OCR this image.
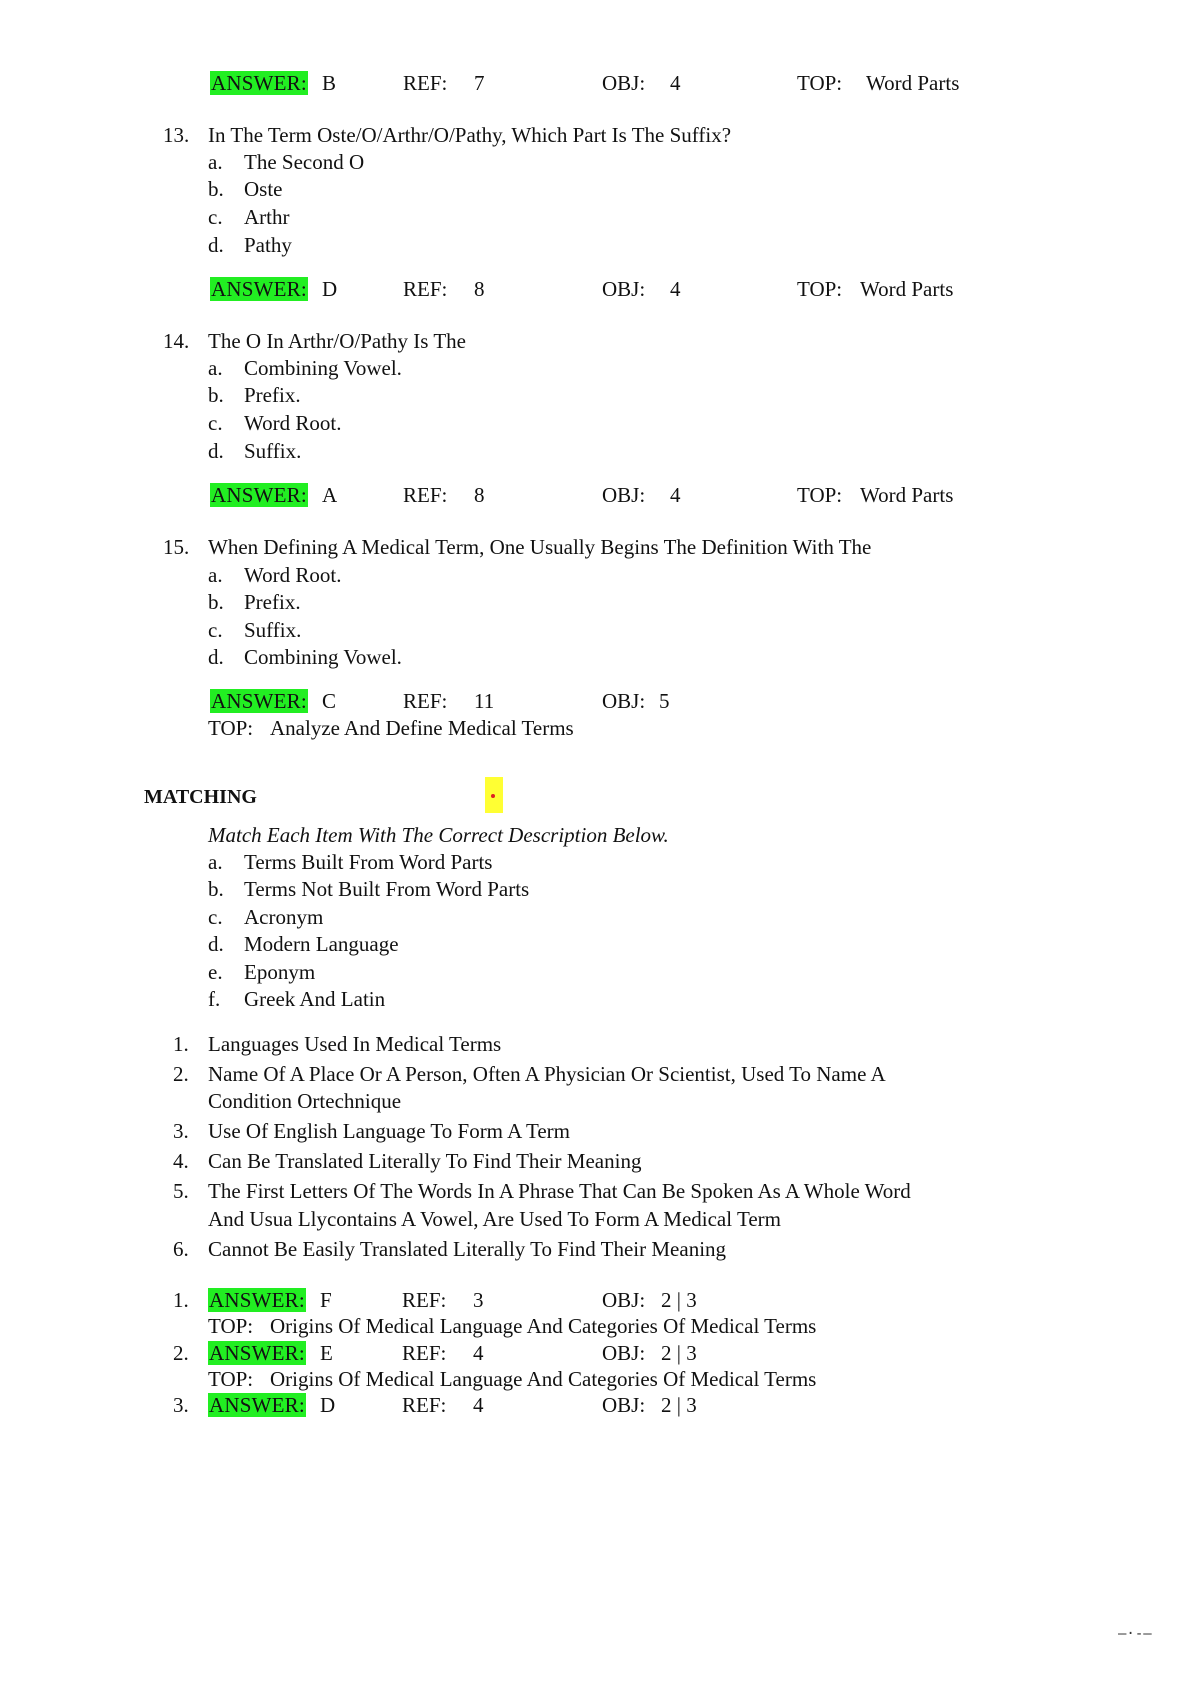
ANSWER: B	REF: 7	OBJ: 4	TOP: Word Parts
13. In The Term Oste/O/Arthr/O/Pathy, Which Part Is The Suffix?
a. The Second O
b. Oste
c. Arthr
d. Pathy
ANSWER: D	REF: 8	OBJ: 4	TOP: Word Parts
14. The O In Arthr/O/Pathy Is The
a. Combining Vowel.
b. Prefix.
c. Word Root.
d. Suffix.
ANSWER: A	REF: 8	OBJ: 4	TOP: Word Parts
15. When Defining A Medical Term, One Usually Begins The Definition With The
a. Word Root.
b. Prefix.
c. Suffix.
d. Combining Vowel.
ANSWER: C	REF: 11	OBJ: 5
TOP: Analyze And Define Medical Terms
MATCHING
Match Each Item With The Correct Description Below.
a. Terms Built From Word Parts
b. Terms Not Built From Word Parts
c. Acronym
d. Modern Language
e. Eponym
f. Greek And Latin
1. Languages Used In Medical Terms
2. Name Of A Place Or A Person, Often A Physician Or Scientist, Used To Name A
Condition Ortechnique
3. Use Of English Language To Form A Term
4. Can Be Translated Literally To Find Their Meaning
5. The First Letters Of The Words In A Phrase That Can Be Spoken As A Whole Word
And Usua Llycontains A Vowel, Are Used To Form A Medical Term
6. Cannot Be Easily Translated Literally To Find Their Meaning
1. ANSWER: F	REF: 3	OBJ: 2 | 3
TOP: Origins Of Medical Language And Categories Of Medical Terms
2. ANSWER: E	REF: 4	OBJ: 2 | 3
TOP: Origins Of Medical Language And Categories Of Medical Terms
3. ANSWER: D	REF: 4	OBJ: 2 | 3
—·-—
